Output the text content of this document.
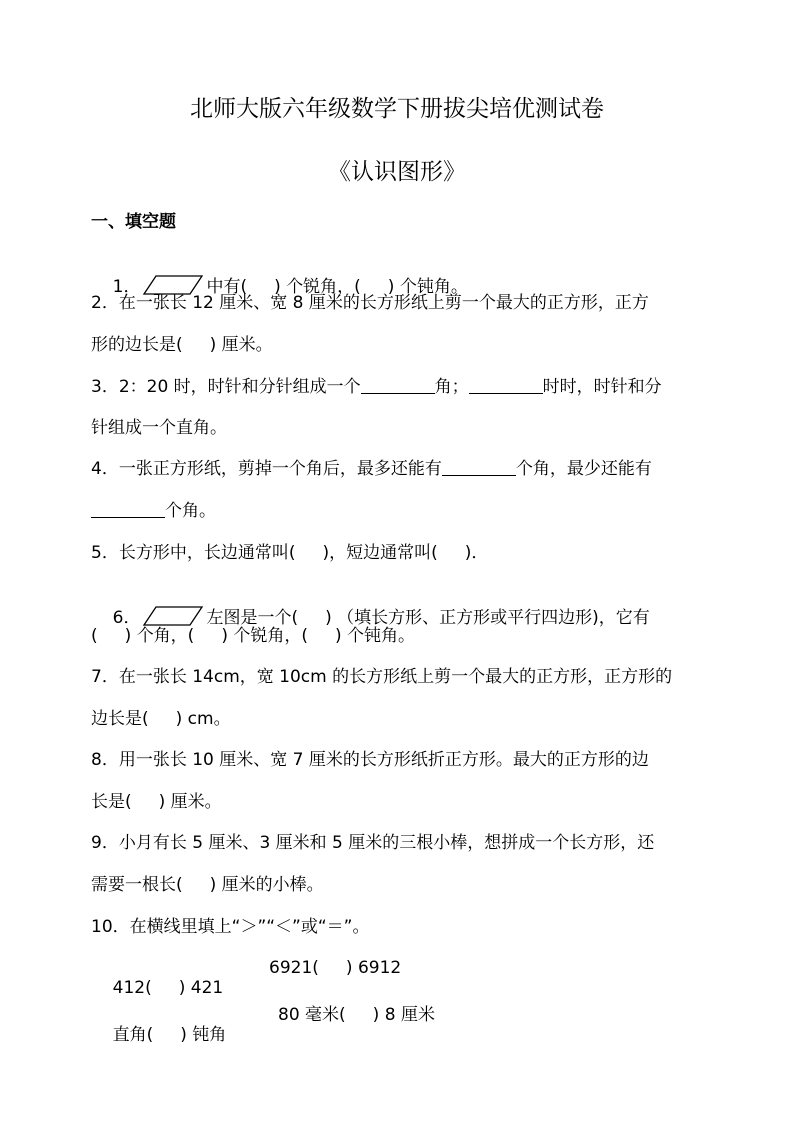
北师大版六年级数学下册拔尖培优测试卷
《认识图形》
一、填空题

1．	中有(     ) 个锐角，(     ) 个钝角。

2．在一张长 12 厘米、宽 8 厘米的长方形纸上剪一个最大的正方形，正方
形的边长是(     ) 厘米。
3．2：20 时，时针和分针组成一个	角；	时时，时针和分
针组成一个直角。
4．一张正方形纸，剪掉一个角后，最多还能有	个角，最少还能有
个角。
5．长方形中，长边通常叫(     )，短边通常叫(     )．

6．	左图是一个(     ) （填长方形、正方形或平行四边形)，它有

(     ) 个角，(     ) 个锐角，(     ) 个钝角。
7．在一张长 14cm，宽 10cm 的长方形纸上剪一个最大的正方形，正方形的
边长是(     ) cm。
8．用一张长 10 厘米、宽 7 厘米的长方形纸折正方形。最大的正方形的边
长是(     ) 厘米。
9．小月有长 5 厘米、3 厘米和 5 厘米的三根小棒，想拼成一个长方形，还
需要一根长(     ) 厘米的小棒。
10．在横线里填上“＞”“＜”或“＝”。

412(     ) 421

6921(     ) 6912

直角(     ) 钝角

80 毫米(     ) 8 厘米
